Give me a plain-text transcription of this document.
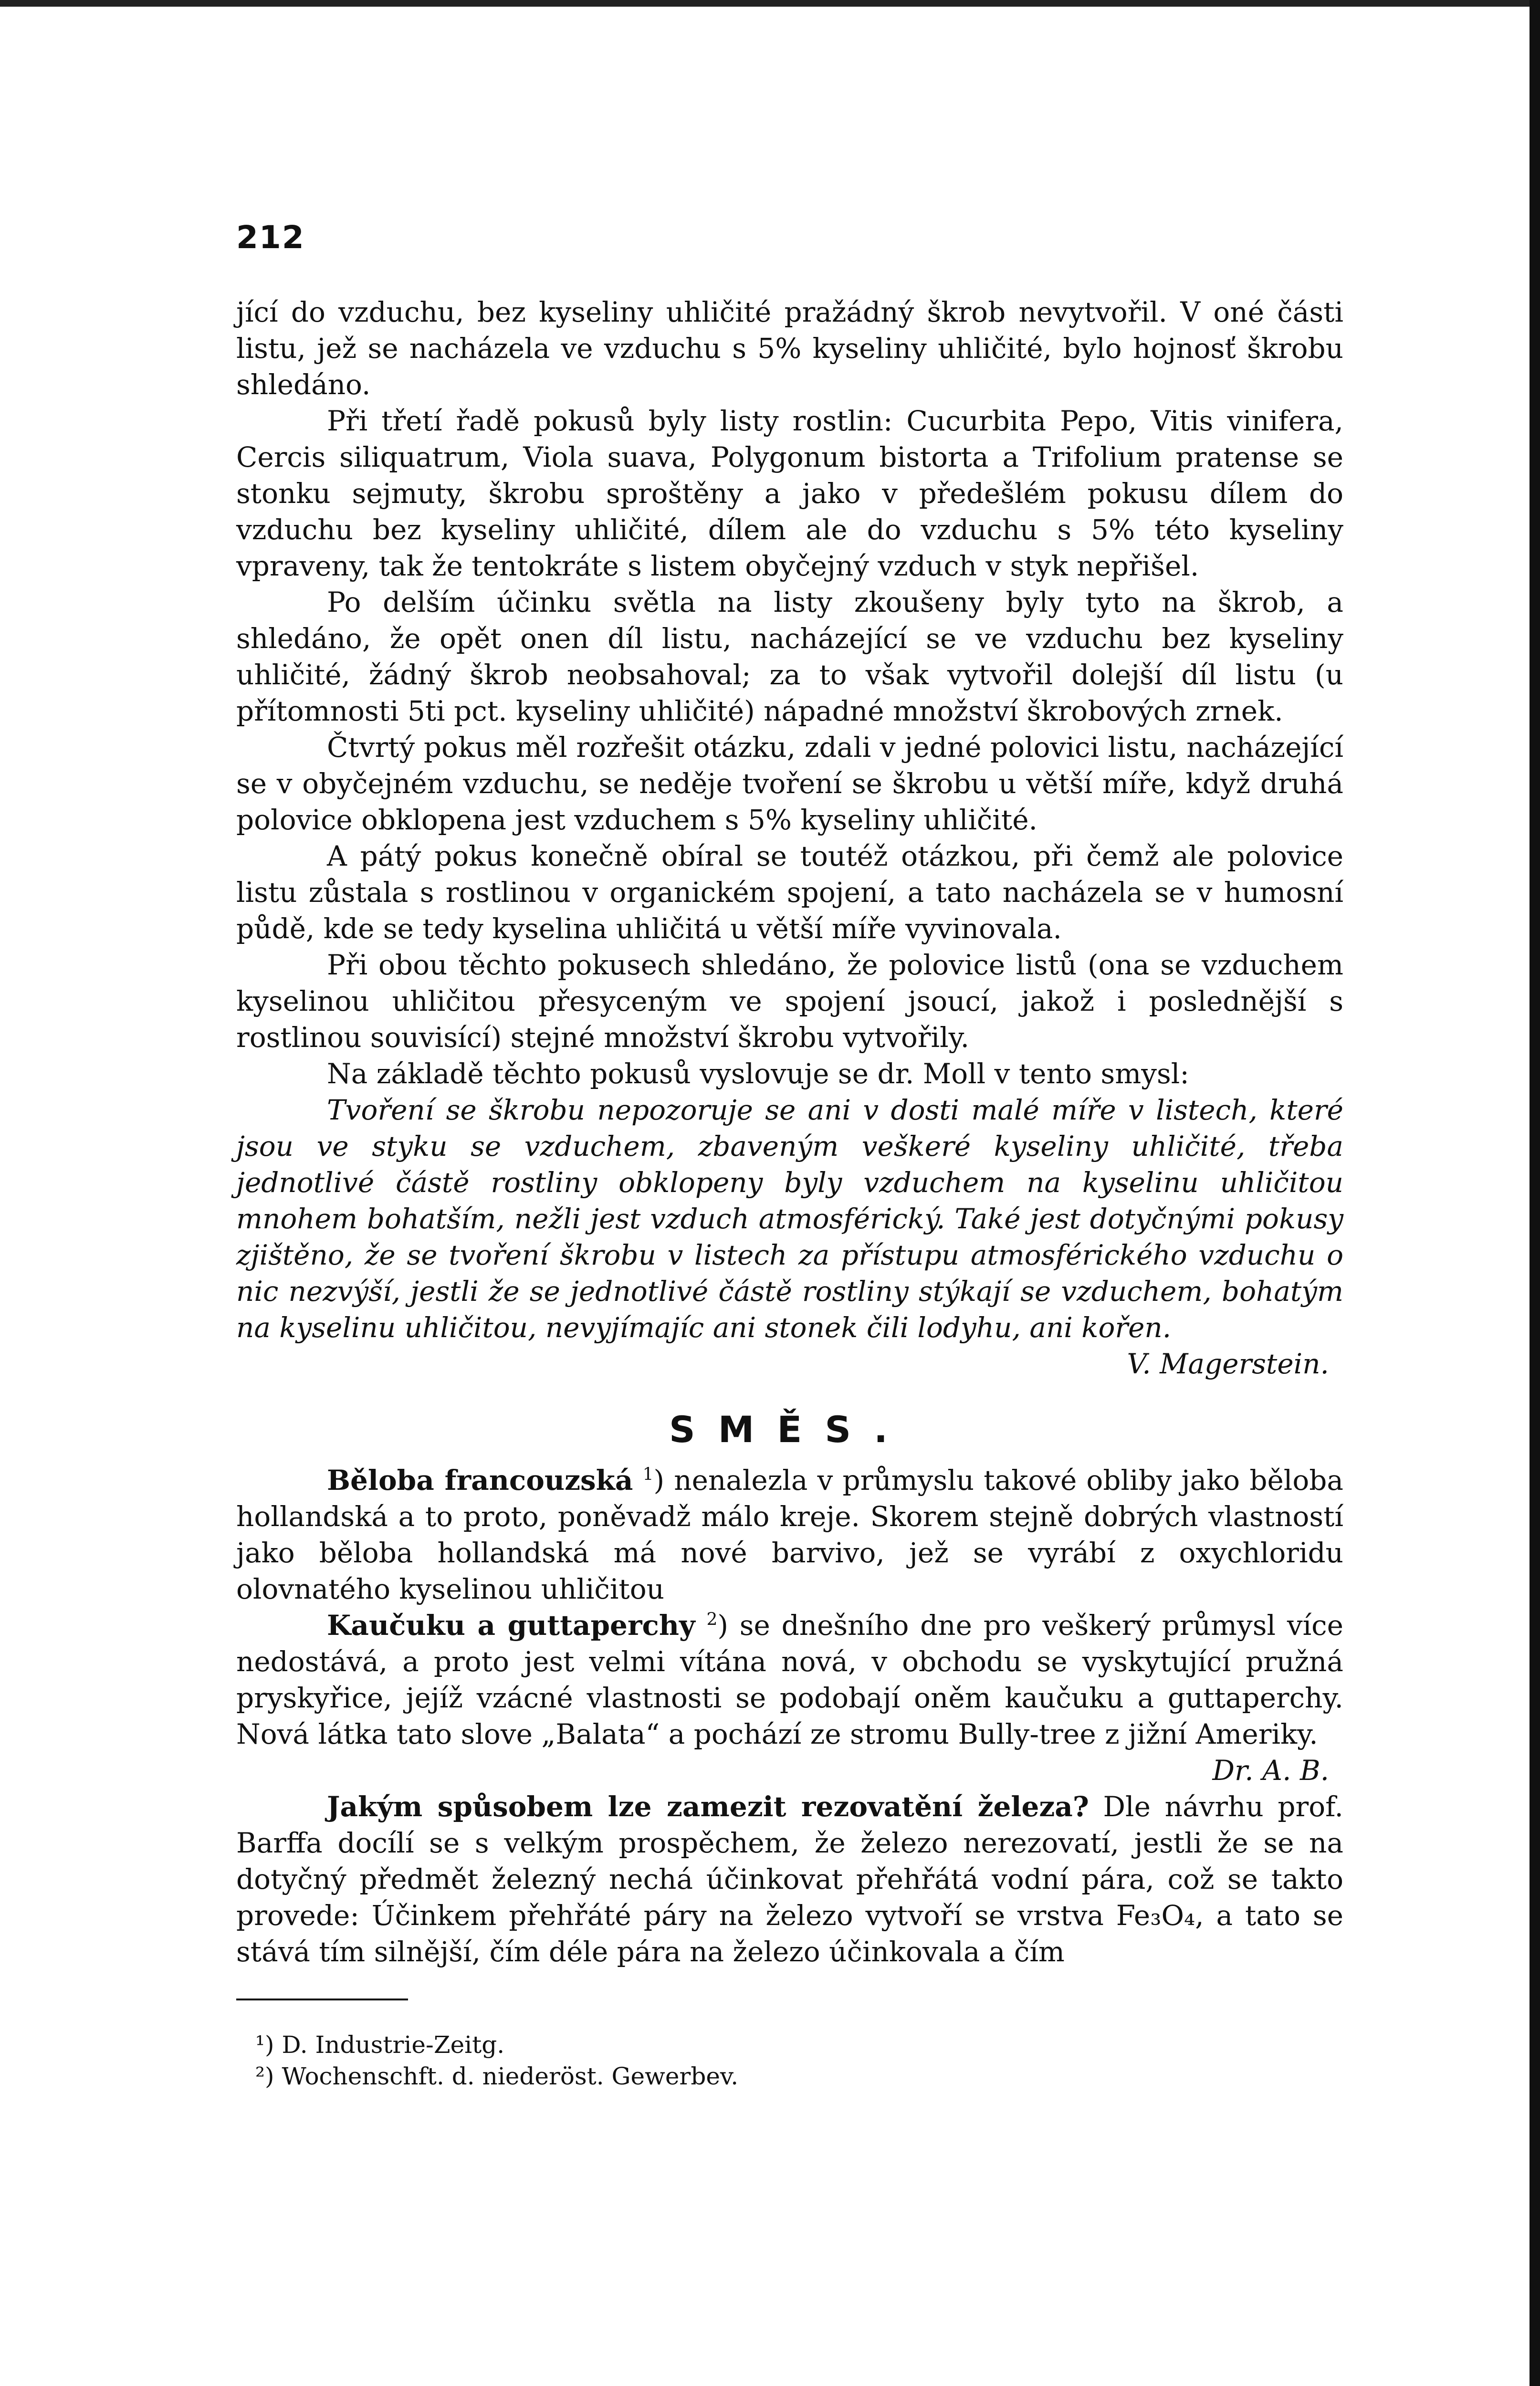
212

jící do vzduchu, bez kyseliny uhličité pražádný škrob nevytvořil. V oné části listu, jež se nacházela ve vzduchu s 5% kyseliny uhličité, bylo hojnosť škrobu shledáno.

Při třetí řadě pokusů byly listy rostlin: Cucurbita Pepo, Vitis vinifera, Cercis siliquatrum, Viola suava, Polygonum bistorta a Trifolium pratense se stonku sejmuty, škrobu sproštěny a jako v předešlém pokusu dílem do vzduchu bez kyseliny uhličité, dílem ale do vzduchu s 5% této kyseliny vpraveny, tak že tentokráte s listem obyčejný vzduch v styk nepřišel.

Po delším účinku světla na listy zkoušeny byly tyto na škrob, a shledáno, že opět onen díl listu, nacházející se ve vzduchu bez kyseliny uhličité, žádný škrob neobsahoval; za to však vytvořil dolejší díl listu (u přítomnosti 5ti pct. kyseliny uhličité) nápadné množství škrobových zrnek.

Čtvrtý pokus měl rozřešit otázku, zdali v jedné polovici listu, nacházející se v obyčejném vzduchu, se neděje tvoření se škrobu u větší míře, když druhá polovice obklopena jest vzduchem s 5% kyseliny uhličité.

A pátý pokus konečně obíral se toutéž otázkou, při čemž ale polovice listu zůstala s rostlinou v organickém spojení, a tato nacházela se v humosní půdě, kde se tedy kyselina uhličitá u větší míře vyvinovala.

Při obou těchto pokusech shledáno, že polovice listů (ona se vzduchem kyselinou uhličitou přesyceným ve spojení jsoucí, jakož i poslednější s rostlinou souvisící) stejné množství škrobu vytvořily.

Na základě těchto pokusů vyslovuje se dr. Moll v tento smysl:

Tvoření se škrobu nepozoruje se ani v dosti malé míře v listech, které jsou ve styku se vzduchem, zbaveným veškeré kyseliny uhličité, třeba jednotlivé částě rostliny obklopeny byly vzduchem na kyselinu uhličitou mnohem bohatším, nežli jest vzduch atmosférický. Také jest dotyčnými pokusy zjištěno, že se tvoření škrobu v listech za přístupu atmosférického vzduchu o nic nezvýší, jestli že se jednotlivé částě rostliny stýkají se vzduchem, bohatým na kyselinu uhličitou, nevyjímajíc ani stonek čili lodyhu, ani kořen.

V. Magerstein.

SMĚS.

Běloba francouzská $^1$) nenalezla v průmyslu takové obliby jako běloba hollandská a to proto, poněvadž málo kreje. Skorem stejně dobrých vlastností jako běloba hollandská má nové barvivo, jež se vyrábí z oxychloridu olovnatého kyselinou uhličitou

Kaučuku a guttaperchy $^2$) se dnešního dne pro veškerý průmysl více nedostává, a proto jest velmi vítána nová, v obchodu se vyskytující pružná pryskyřice, jejíž vzácné vlastnosti se podobají oněm kaučuku a guttaperchy. Nová látka tato slove „Balata“ a pochází ze stromu Bully-tree z jižní Ameriky.

Dr. A. B.

Jakým spůsobem lze zamezit rezovatění železa? Dle návrhu prof. Barffa docílí se s velkým prospěchem, že železo nerezovatí, jestli že se na dotyčný předmět železný nechá účinkovat přehřátá vodní pára, což se takto provede: Účinkem přehřáté páry na železo vytvoří se vrstva Fe₃O₄, a tato se stává tím silnější, čím déle pára na železo účinkovala a čím

¹) D. Industrie-Zeitg.
²) Wochenschft. d. niederöst. Gewerbev.
